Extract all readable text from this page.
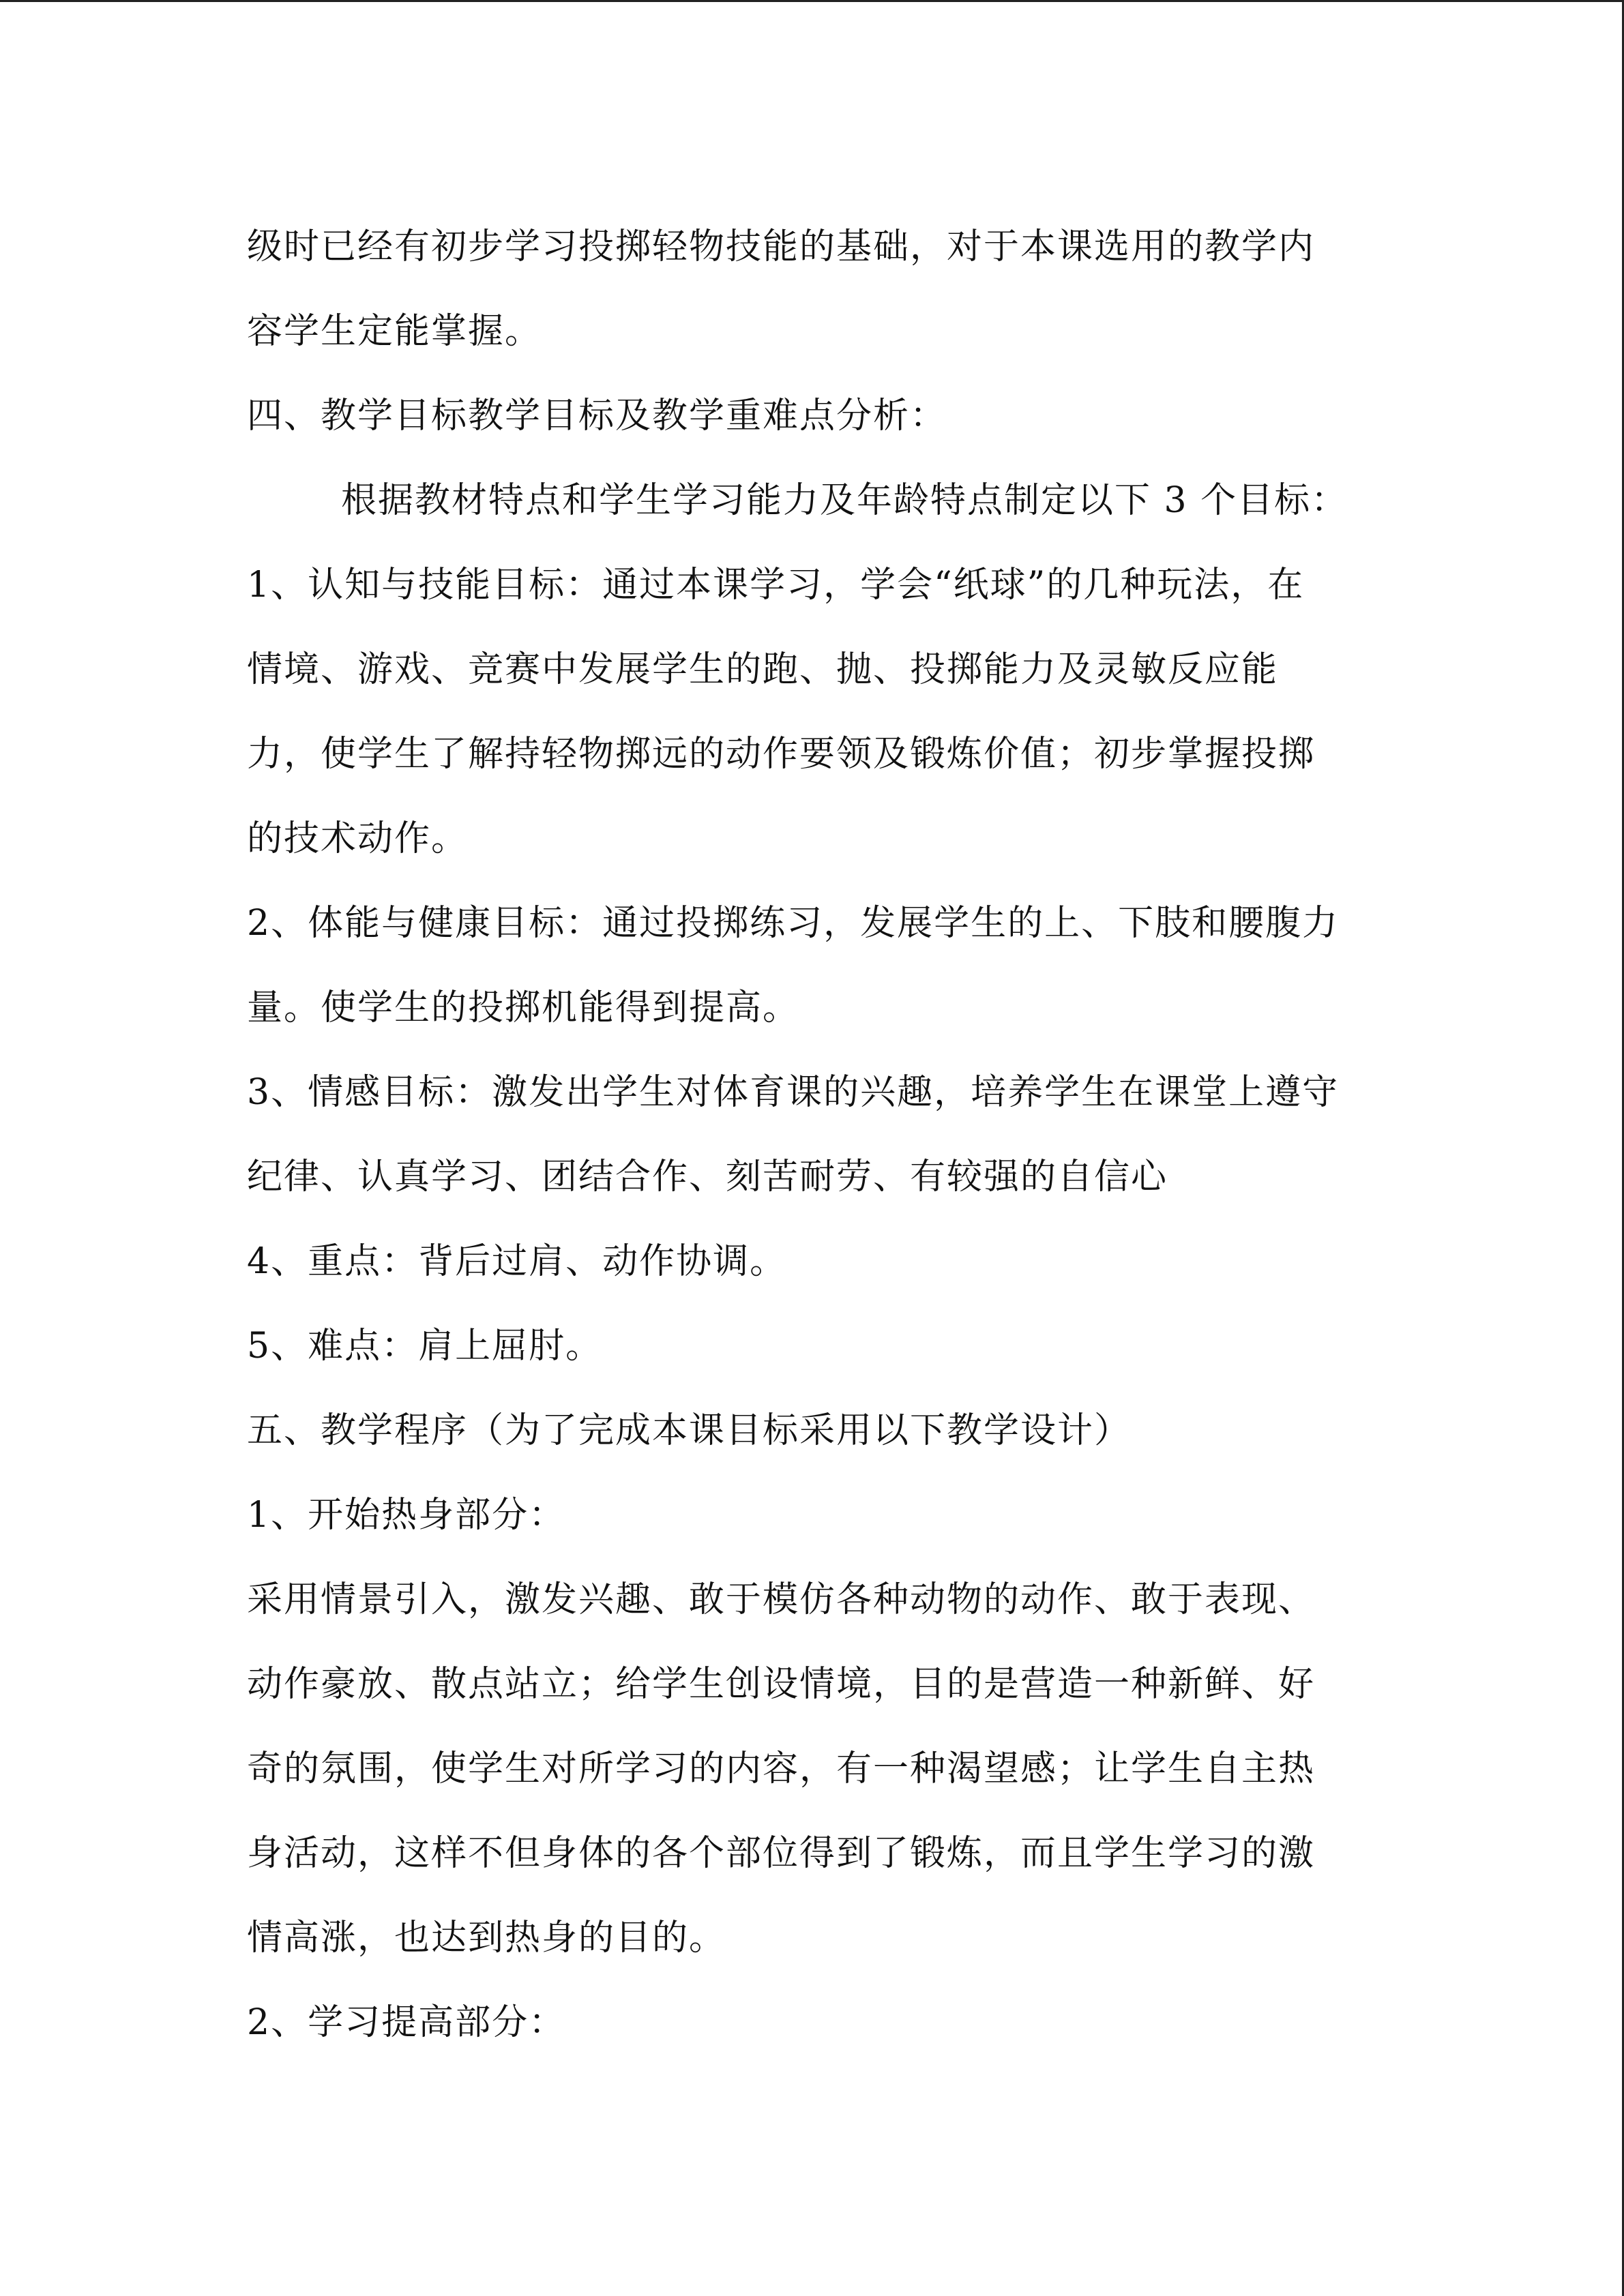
级时已经有初步学习投掷轻物技能的基础，对于本课选用的教学内
容学生定能掌握。
四、教学目标教学目标及教学重难点分析：
根据教材特点和学生学习能力及年龄特点制定以下 3 个目标：
1、认知与技能目标：通过本课学习，学会“纸球”的几种玩法，在
情境、游戏、竞赛中发展学生的跑、抛、投掷能力及灵敏反应能
力，使学生了解持轻物掷远的动作要领及锻炼价值；初步掌握投掷
的技术动作。
2、体能与健康目标：通过投掷练习，发展学生的上、下肢和腰腹力
量。使学生的投掷机能得到提高。
3、情感目标：激发出学生对体育课的兴趣，培养学生在课堂上遵守
纪律、认真学习、团结合作、刻苦耐劳、有较强的自信心
4、重点：背后过肩、动作协调。
5、难点：肩上屈肘。
五、教学程序（为了完成本课目标采用以下教学设计）
1、开始热身部分：
采用情景引入，激发兴趣、敢于模仿各种动物的动作、敢于表现、
动作豪放、散点站立；给学生创设情境，目的是营造一种新鲜、好
奇的氛围，使学生对所学习的内容，有一种渴望感；让学生自主热
身活动，这样不但身体的各个部位得到了锻炼，而且学生学习的激
情高涨，也达到热身的目的。
2、学习提高部分：
